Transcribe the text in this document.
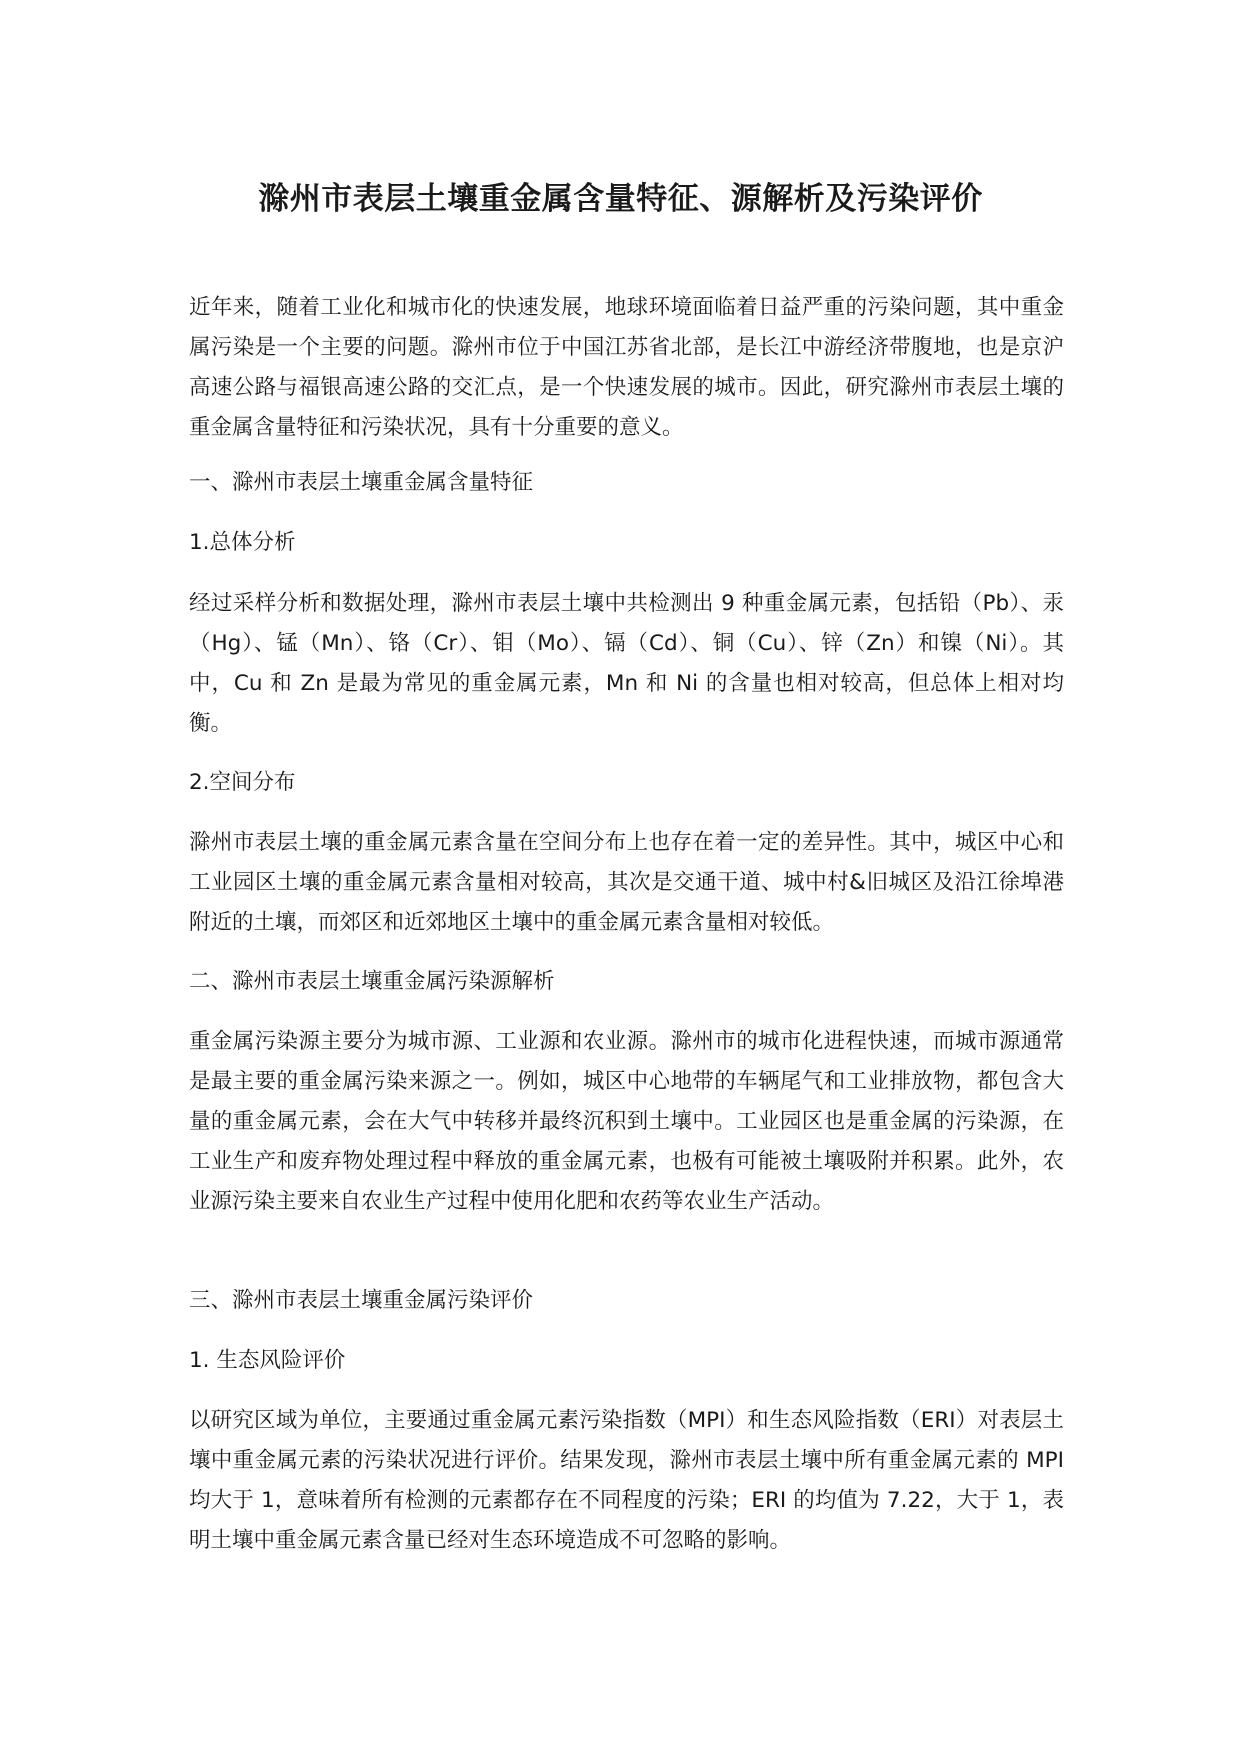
滁州市表层土壤重金属含量特征、源解析及污染评价

近年来，随着工业化和城市化的快速发展，地球环境面临着日益严重的污染问题，其中重金属污染是一个主要的问题。滁州市位于中国江苏省北部，是长江中游经济带腹地，也是京沪高速公路与福银高速公路的交汇点，是一个快速发展的城市。因此，研究滁州市表层土壤的重金属含量特征和污染状况，具有十分重要的意义。

一、滁州市表层土壤重金属含量特征

1.总体分析

经过采样分析和数据处理，滁州市表层土壤中共检测出 9 种重金属元素，包括铅（Pb）、汞（Hg）、锰（Mn）、铬（Cr）、钼（Mo）、镉（Cd）、铜（Cu）、锌（Zn）和镍（Ni）。其中，Cu 和 Zn 是最为常见的重金属元素，Mn 和 Ni 的含量也相对较高，但总体上相对均衡。

2.空间分布

滁州市表层土壤的重金属元素含量在空间分布上也存在着一定的差异性。其中，城区中心和工业园区土壤的重金属元素含量相对较高，其次是交通干道、城中村&旧城区及沿江徐埠港附近的土壤，而郊区和近郊地区土壤中的重金属元素含量相对较低。

二、滁州市表层土壤重金属污染源解析

重金属污染源主要分为城市源、工业源和农业源。滁州市的城市化进程快速，而城市源通常是最主要的重金属污染来源之一。例如，城区中心地带的车辆尾气和工业排放物，都包含大量的重金属元素，会在大气中转移并最终沉积到土壤中。工业园区也是重金属的污染源，在工业生产和废弃物处理过程中释放的重金属元素，也极有可能被土壤吸附并积累。此外，农业源污染主要来自农业生产过程中使用化肥和农药等农业生产活动。

三、滁州市表层土壤重金属污染评价

1. 生态风险评价

以研究区域为单位，主要通过重金属元素污染指数（MPI）和生态风险指数（ERI）对表层土壤中重金属元素的污染状况进行评价。结果发现，滁州市表层土壤中所有重金属元素的 MPI 均大于 1，意味着所有检测的元素都存在不同程度的污染；ERI 的均值为 7.22，大于 1，表明土壤中重金属元素含量已经对生态环境造成不可忽略的影响。
